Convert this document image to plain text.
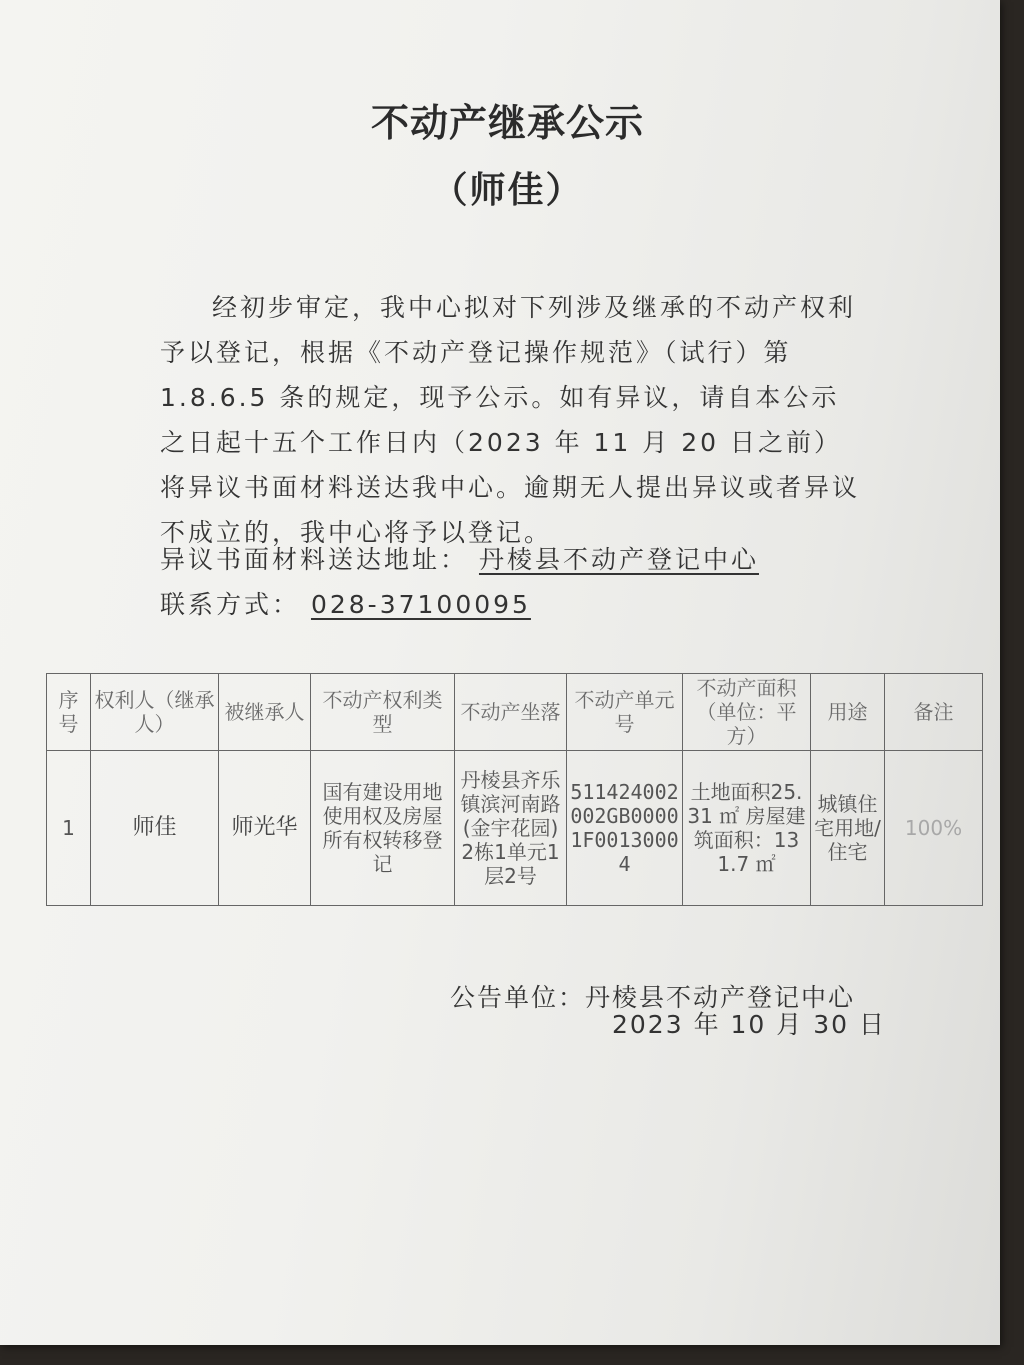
不动产继承公示
（师佳）
经初步审定，我中心拟对下列涉及继承的不动产权利予以登记，根据《不动产登记操作规范》（试行）第 1.8.6.5 条的规定，现予公示。如有异议，请自本公示之日起十五个工作日内（2023 年 11 月 20 日之前）将异议书面材料送达我中心。逾期无人提出异议或者异议不成立的，我中心将予以登记。
异议书面材料送达地址： 丹棱县不动产登记中心
联系方式： 028-37100095
序号	权利人（继承人）	被继承人	不动产权利类型	不动产坐落	不动产单元号	不动产面积（单位：平方）	用途	备注
1	师佳	师光华	国有建设用地使用权及房屋所有权转移登记	丹棱县齐乐镇滨河南路(金宇花园)2栋1单元1层2号	511424002002GB00001F00130004	土地面积25.31 ㎡ 房屋建筑面积：131.7 ㎡	城镇住宅用地/住宅	100%
公告单位：丹棱县不动产登记中心
2023 年 10 月 30 日
